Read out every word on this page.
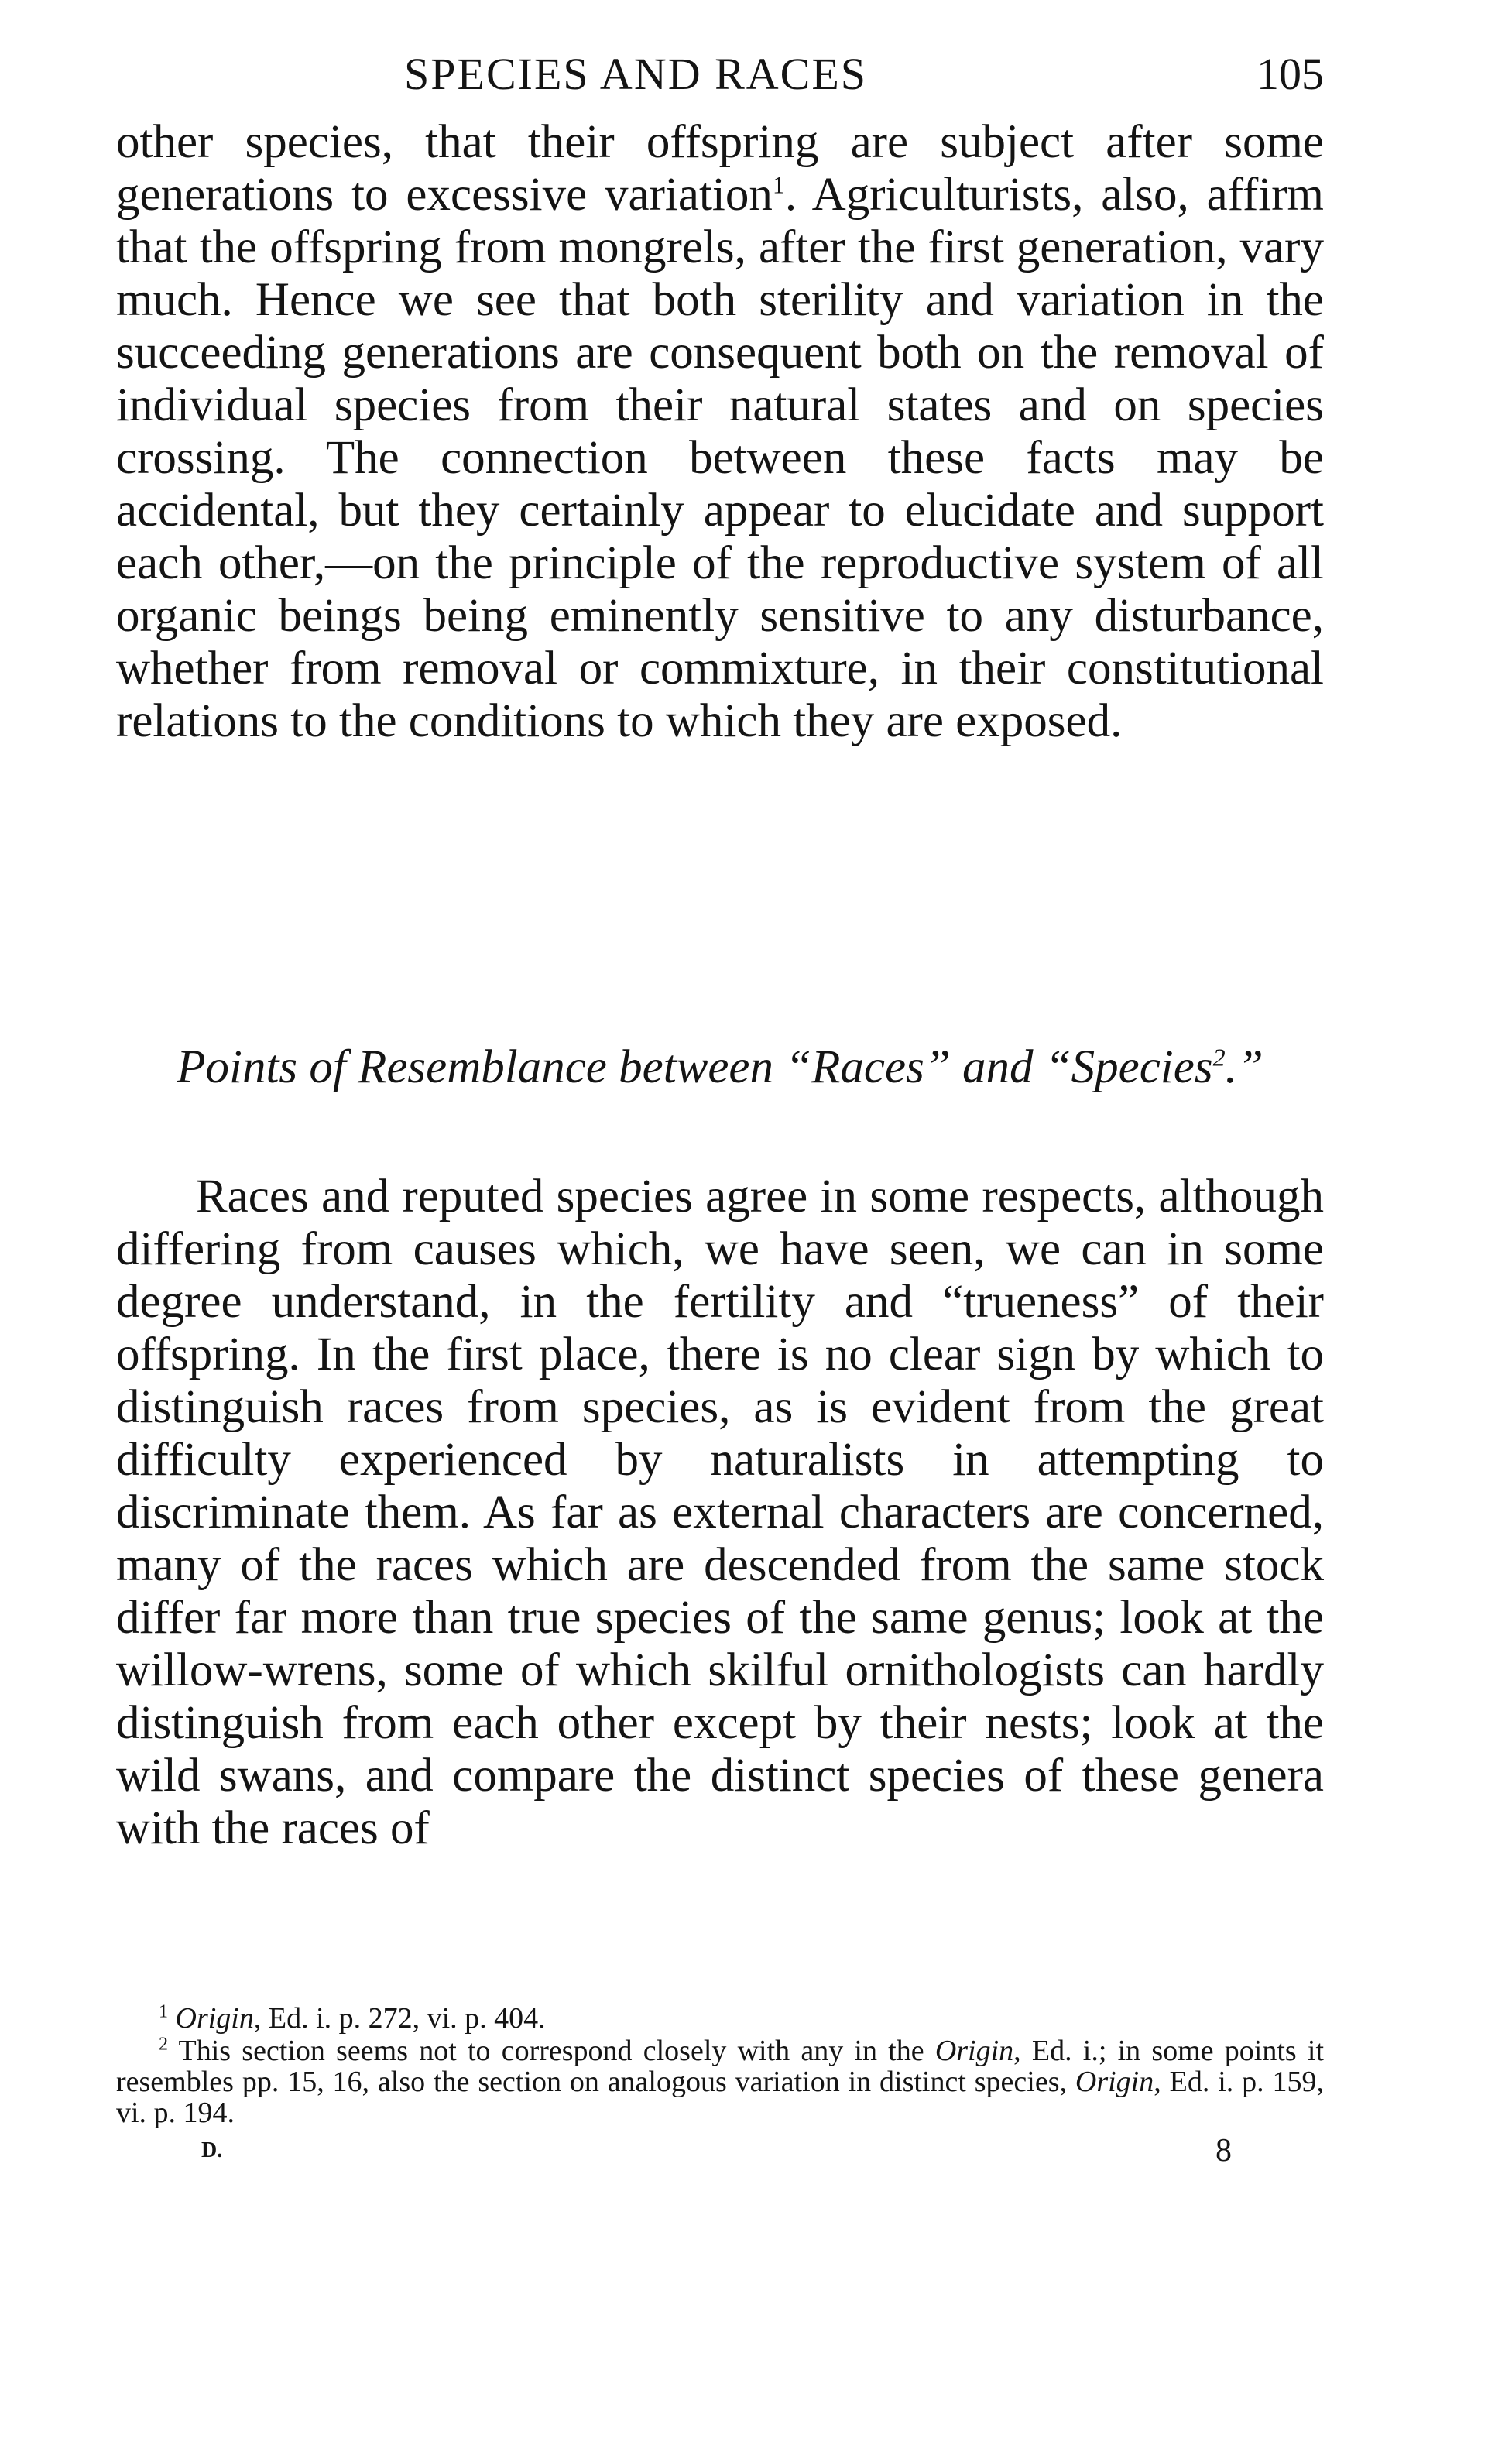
SPECIES AND RACES	105

other species, that their offspring are subject after some generations to excessive variation$^1$. Agriculturists, also, affirm that the offspring from mongrels, after the first generation, vary much. Hence we see that both sterility and variation in the succeeding generations are consequent both on the removal of individual species from their natural states and on species crossing. The connection between these facts may be accidental, but they certainly appear to elucidate and support each other,—on the principle of the reproductive system of all organic beings being eminently sensitive to any disturbance, whether from removal or commixture, in their constitutional relations to the conditions to which they are exposed.

Points of Resemblance between “Races” and “Species$^2$.”

Races and reputed species agree in some respects, although differing from causes which, we have seen, we can in some degree understand, in the fertility and “trueness” of their offspring. In the first place, there is no clear sign by which to distinguish races from species, as is evident from the great difficulty experienced by naturalists in attempting to discriminate them. As far as external characters are concerned, many of the races which are descended from the same stock differ far more than true species of the same genus; look at the willow-wrens, some of which skilful ornithologists can hardly distinguish from each other except by their nests; look at the wild swans, and compare the distinct species of these genera with the races of

$^1$ Origin, Ed. i. p. 272, vi. p. 404.

$^2$ This section seems not to correspond closely with any in the Origin, Ed. i.; in some points it resembles pp. 15, 16, also the section on analogous variation in distinct species, Origin, Ed. i. p. 159, vi. p. 194.

D.	8
